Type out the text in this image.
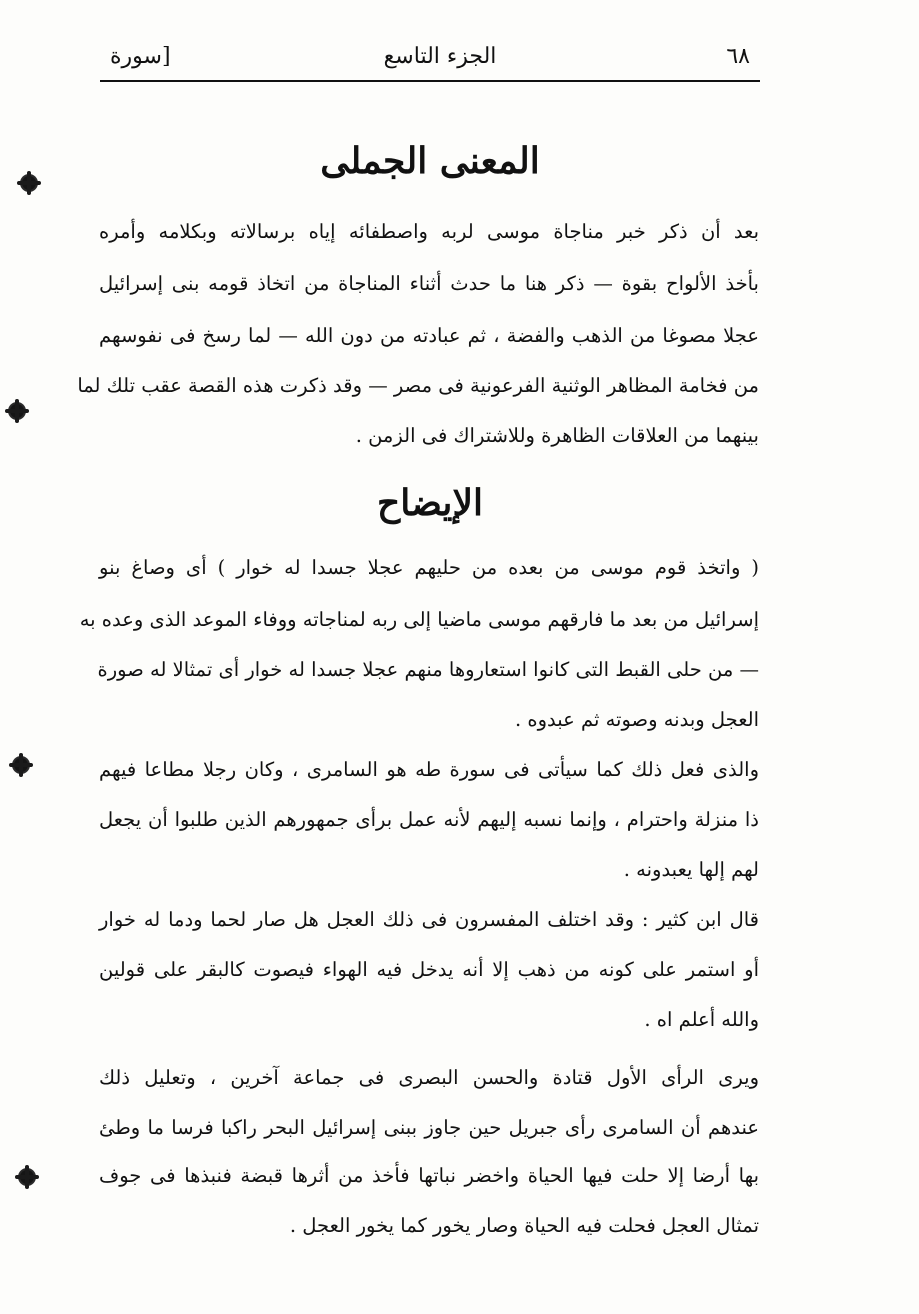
٦٨
الجزء التاسع
[سورة
المعنى الجملى
بعد أن ذكر خبر مناجاة موسى لربه واصطفائه إياه برسالاته وبكلامه وأمره
بأخذ الألواح بقوة — ذكر هنا ما حدث أثناء المناجاة من اتخاذ قومه بنى إسرائيل
عجلا مصوغا من الذهب والفضة ، ثم عبادته من دون الله — لما رسخ فى نفوسهم
من فخامة المظاهر الوثنية الفرعونية فى مصر — وقد ذكرت هذه القصة عقب تلك لما
بينهما من العلاقات الظاهرة وللاشتراك فى الزمن .
الإيضاح
( واتخذ قوم موسى من بعده من حليهم عجلا جسدا له خوار ) أى وصاغ بنو
إسرائيل من بعد ما فارقهم موسى ماضيا إلى ربه لمناجاته ووفاء الموعد الذى وعده به
— من حلى القبط التى كانوا استعاروها منهم عجلا جسدا له خوار أى تمثالا له صورة
العجل وبدنه وصوته ثم عبدوه .
والذى فعل ذلك كما سيأتى فى سورة طه هو السامرى ، وكان رجلا مطاعا فيهم
ذا منزلة واحترام ، وإنما نسبه إليهم لأنه عمل برأى جمهورهم الذين طلبوا أن يجعل
لهم إلها يعبدونه .
قال ابن كثير : وقد اختلف المفسرون فى ذلك العجل هل صار لحما ودما له خوار
أو استمر على كونه من ذهب إلا أنه يدخل فيه الهواء فيصوت كالبقر على قولين
والله أعلم اه .
ويرى الرأى الأول قتادة والحسن البصرى فى جماعة آخرين ، وتعليل ذلك
عندهم أن السامرى رأى جبريل حين جاوز ببنى إسرائيل البحر راكبا فرسا ما وطئ
بها أرضا إلا حلت فيها الحياة واخضر نباتها فأخذ من أثرها قبضة فنبذها فى جوف
تمثال العجل فحلت فيه الحياة وصار يخور كما يخور العجل .
